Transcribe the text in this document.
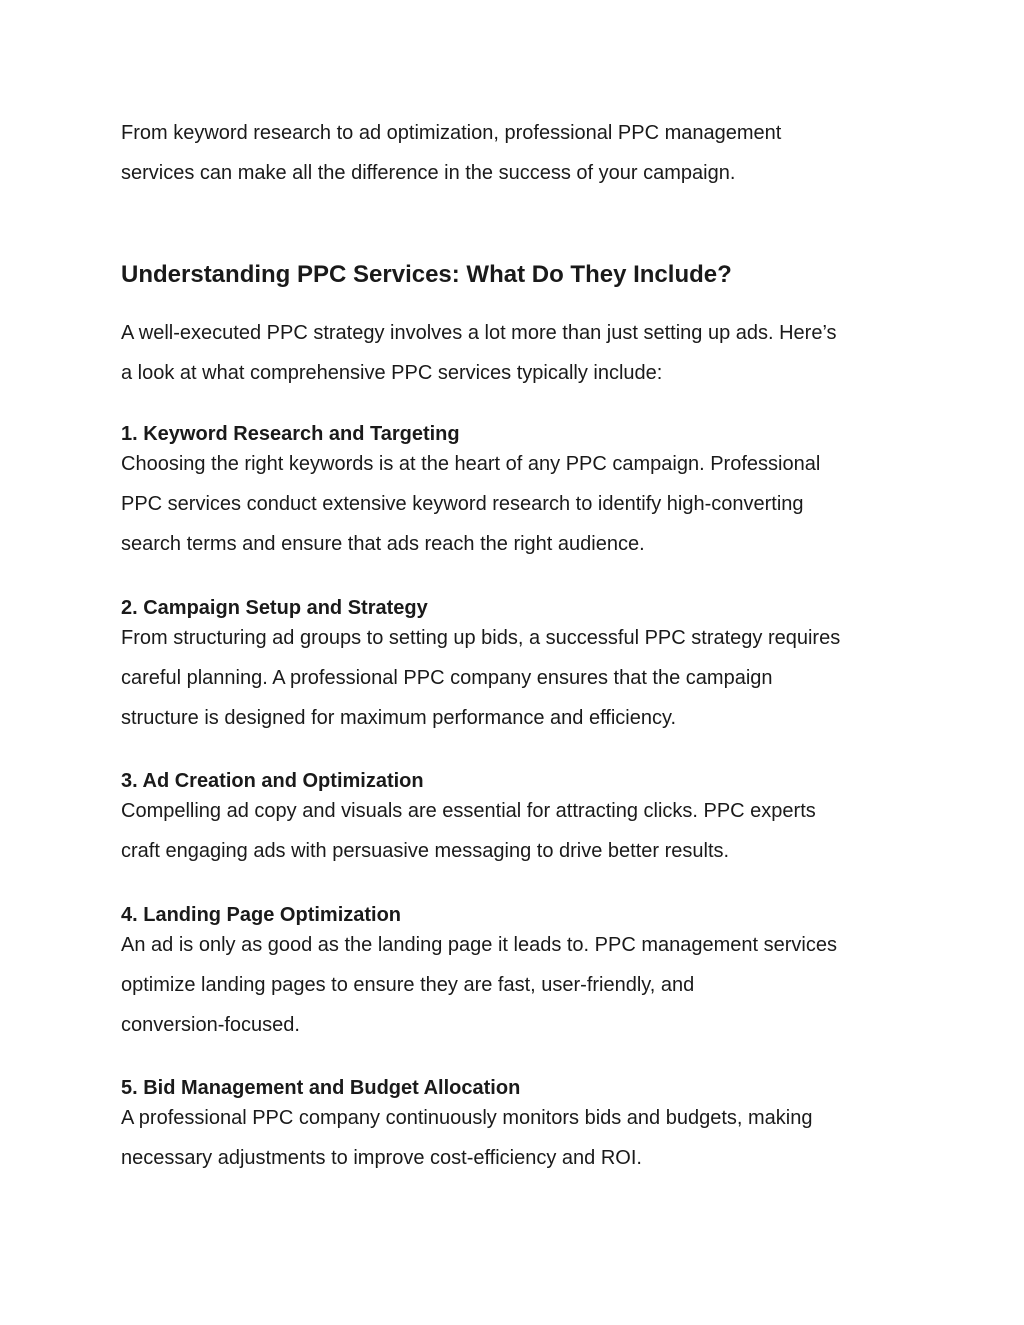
From keyword research to ad optimization, professional PPC management
services can make all the difference in the success of your campaign.

Understanding PPC Services: What Do They Include?

A well-executed PPC strategy involves a lot more than just setting up ads. Here’s
a look at what comprehensive PPC services typically include:

1. Keyword Research and Targeting

Choosing the right keywords is at the heart of any PPC campaign. Professional
PPC services conduct extensive keyword research to identify high-converting
search terms and ensure that ads reach the right audience.

2. Campaign Setup and Strategy

From structuring ad groups to setting up bids, a successful PPC strategy requires
careful planning. A professional PPC company ensures that the campaign
structure is designed for maximum performance and efficiency.

3. Ad Creation and Optimization

Compelling ad copy and visuals are essential for attracting clicks. PPC experts
craft engaging ads with persuasive messaging to drive better results.

4. Landing Page Optimization

An ad is only as good as the landing page it leads to. PPC management services
optimize landing pages to ensure they are fast, user-friendly, and
conversion-focused.

5. Bid Management and Budget Allocation

A professional PPC company continuously monitors bids and budgets, making
necessary adjustments to improve cost-efficiency and ROI.
